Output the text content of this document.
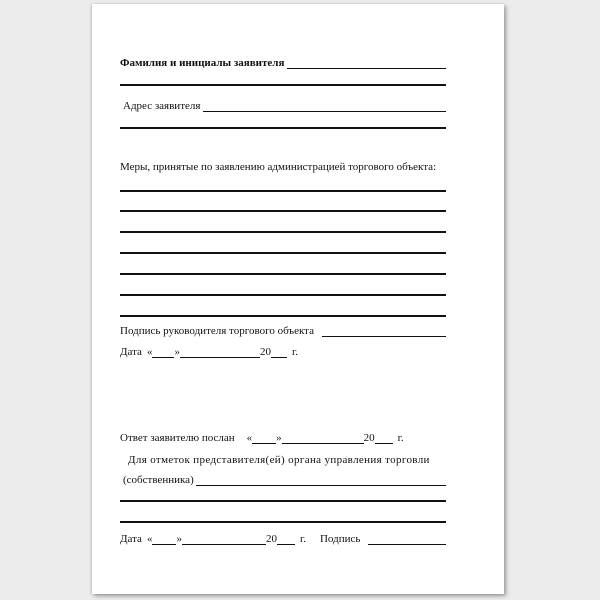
Фамилия и инициалы заявителя
Адрес заявителя
Меры, принятые по заявлению администрацией торгового объекта:
Подпись руководителя торгового объекта
Дата « »	20 г.
Ответ заявителю послан « »	20 г.
Для отметок представителя(ей) органа управления торговли
(собственника)
Дата « »	20 г. Подпись
